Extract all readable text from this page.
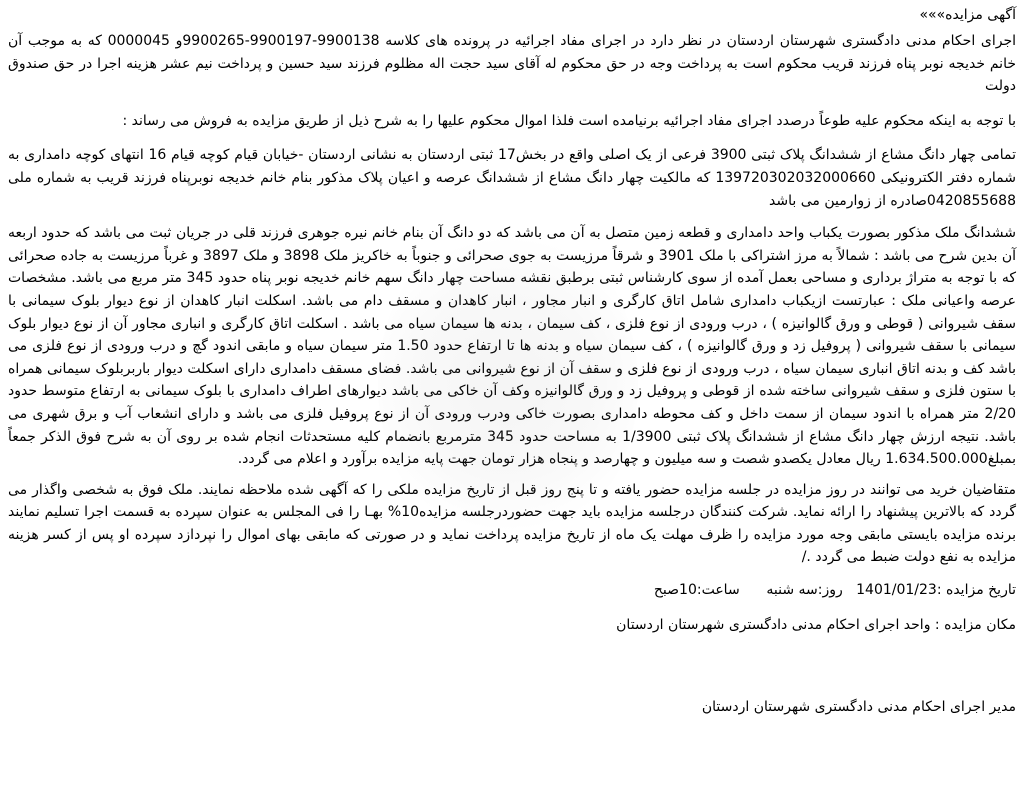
آگهی مزایده»»»

اجرای احکام مدنی دادگستری شهرستان اردستان در نظر دارد در اجرای مفاد اجرائیه در پرونده های کلاسه 9900138-9900197-9900265و 0000045 که به موجب آن خانم خدیجه نوبر پناه فرزند قریب محکوم است به پرداخت وجه در حق محکوم له آقای سید حجت اله مظلوم فرزند سید حسین و پرداخت نیم عشر هزینه اجرا در حق صندوق دولت

با توجه به اینکه محکوم علیه طوعاً درصدد اجرای مفاد اجرائیه برنیامده است فلذا اموال محکوم علیها را به شرح ذیل از طریق مزایده به فروش می رساند :

تمامی چهار دانگ مشاع از ششدانگ پلاک ثبتی 3900 فرعی از یک اصلی واقع در بخش17 ثبتی اردستان به نشانی اردستان -خیابان قیام کوچه قیام 16 انتهای کوچه دامداری به شماره دفتر الکترونیکی 13972030203200066‍0 که مالکیت چهار دانگ مشاع از ششدانگ عرصه و اعیان پلاک مذکور بنام خانم خدیجه نوبرپناه فرزند قریب به شماره ملی 0420855688صادره از زوارمین می باشد

ششدانگ ملک مذکور بصورت یکباب واحد دامداری و قطعه زمین متصل به آن می باشد که دو دانگ آن بنام خانم نیره جوهری فرزند قلی در جریان ثبت می باشد که حدود اربعه آن بدین شرح می باشد : شمالاً به مرز اشتراکی با ملک 3901 و شرقاً مرزیست به جوی صحرائی و جنوباً به خاکریز ملک 3898 و ملک 3897 و غرباً مرزیست به جاده صحرائی که با توجه به متراژ برداری و مساحی بعمل آمده از سوی کارشناس ثبتی برطبق نقشه مساحت چهار دانگ سهم خانم خدیجه نوبر پناه حدود 345 متر مربع می باشد. مشخصات عرصه واعیانی ملک : عبارتست ازیکباب دامداری شامل اتاق کارگری و انبار مجاور ، انبار کاهدان و مسقف دام می باشد. اسکلت انبار کاهدان از نوع دیوار بلوک سیمانی با سقف شیروانی ( قوطی و ورق گالوانیزه ) ، درب ورودی از نوع فلزی ، کف سیمان ، بدنه ها سیمان سیاه می باشد . اسکلت اتاق کارگری و انباری مجاور آن از نوع دیوار بلوک سیمانی با سقف شیروانی ( پروفیل زد و ورق گالوانیزه ) ، کف سیمان سیاه و بدنه ها تا ارتفاع حدود 1.50 متر سیمان سیاه و مابقی اندود گچ و درب ورودی از نوع فلزی می باشد کف و بدنه اتاق انباری سیمان سیاه ، درب ورودی از نوع فلزی و سقف آن از نوع شیروانی می باشد. فضای مسقف دامداری دارای اسکلت دیوار باربربلوک سیمانی همراه با ستون فلزی و سقف شیروانی ساخته شده از قوطی و پروفیل زد و ورق گالوانیزه وکف آن خاکی می باشد دیوارهای اطراف دامداری با بلوک سیمانی به ارتفاع متوسط حدود 2/20 متر همراه با اندود سیمان از سمت داخل و کف محوطه دامداری بصورت خاکی ودرب ورودی آن از نوع پروفیل فلزی می باشد و دارای انشعاب آب و برق شهری می باشد. نتیجه ارزش چهار دانگ مشاع از ششدانگ پلاک ثبتی 1/3900 به مساحت حدود 345 مترمربع بانضمام کلیه مستحدثات انجام شده بر روی آن به شرح فوق الذکر جمعاً بمبلغ1.634.500.000 ریال معادل یکصدو شصت و سه میلیون و چهارصد و پنجاه هزار تومان جهت پایه مزایده برآورد و اعلام می گردد.

متقاضیان خرید می توانند در روز مزایده در جلسه مزایده حضور یافته و تا پنج روز قبل از تاریخ مزایده ملکی را که آگهی شده ملاحظه نمایند. ملک فوق به شخصی واگذار می گردد که بالاترین پیشنهاد را ارائه نماید. شرکت کنندگان درجلسه مزایده باید جهت حضوردرجلسه مزایده10% بهـا را فی المجلس به عنوان سپرده به قسمت اجرا تسلیم نمایند برنده مزایده بایستی مابقی وجه مورد مزایده را ظرف مهلت یک ماه از تاریخ مزایده پرداخت نماید و در صورتی که مابقی بهای اموال را نپردازد سپرده او پس از کسر هزینه مزایده به نفع دولت ضبط می گردد ./

تاریخ مزایده :1401/01/23   روز:سه شنبه      ساعت:10صبح

مکان مزایده : واحد اجرای احکام مدنی دادگستری شهرستان اردستان

مدیر اجرای احکام مدنی دادگستری شهرستان اردستان
